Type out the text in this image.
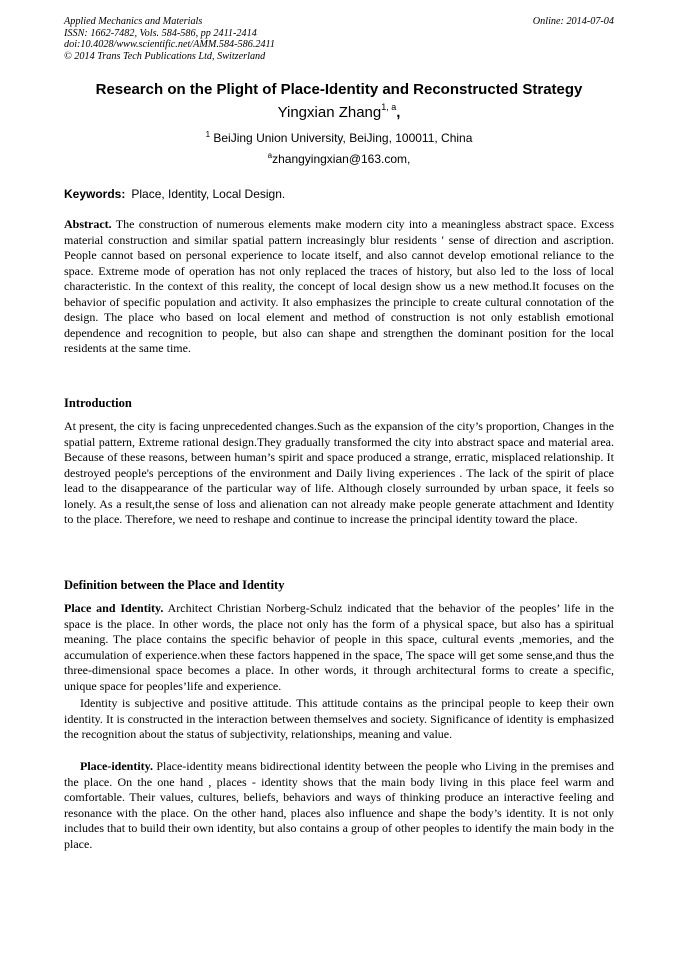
Applied Mechanics and Materials
ISSN: 1662-7482, Vols. 584-586, pp 2411-2414
doi:10.4028/www.scientific.net/AMM.584-586.2411
© 2014 Trans Tech Publications Ltd, Switzerland
Online: 2014-07-04
Research on the Plight of Place-Identity and Reconstructed Strategy
Yingxian Zhang$^{1, a}$,
$^1$ BeiJing Union University, BeiJing, 100011, China
$^a$zhangyingxian@163.com,
Keywords: Place, Identity, Local Design.

Abstract. The construction of numerous elements make modern city into a meaningless abstract space. Excess material construction and similar spatial pattern increasingly blur residents ' sense of direction and ascription. People cannot based on personal experience to locate itself, and also cannot develop emotional reliance to the space. Extreme mode of operation has not only replaced the traces of history, but also led to the loss of local characteristic. In the context of this reality, the concept of local design show us a new method.It focuses on the behavior of specific population and activity. It also emphasizes the principle to create cultural connotation of the design. The place who based on local element and method of construction is not only establish emotional dependence and recognition to people, but also can shape and strengthen the dominant position for the local residents at the same time.

Introduction

At present, the city is facing unprecedented changes.Such as the expansion of the city’s proportion, Changes in the spatial pattern, Extreme rational design.They gradually transformed the city into abstract space and material area. Because of these reasons, between human’s spirit and space produced a strange, erratic, misplaced relationship. It destroyed people's perceptions of the environment and Daily living experiences . The lack of the spirit of place lead to the disappearance of the particular way of life. Although closely surrounded by urban space, it feels so lonely. As a result,the sense of loss and alienation can not already make people generate attachment and Identity to the place. Therefore, we need to reshape and continue to increase the principal identity toward the place.

Definition between the Place and Identity

Place and Identity. Architect Christian Norberg-Schulz indicated that the behavior of the peoples’ life in the space is the place. In other words, the place not only has the form of a physical space, but also has a spiritual meaning. The place contains the specific behavior of people in this space, cultural events ,memories, and the accumulation of experience.when these factors happened in the space, The space will get some sense,and thus the three-dimensional space becomes a place. In other words, it through architectural forms to create a specific, unique space for peoples’life and experience.

Identity is subjective and positive attitude. This attitude contains as the principal people to keep their own identity. It is constructed in the interaction between themselves and society. Significance of identity is emphasized the recognition about the status of subjectivity, relationships, meaning and value.

Place-identity. Place-identity means bidirectional identity between the people who Living in the premises and the place. On the one hand , places - identity shows that the main body living in this place feel warm and comfortable. Their values, cultures, beliefs, behaviors and ways of thinking produce an interactive feeling and resonance with the place. On the other hand, places also influence and shape the body’s identity. It is not only includes that to build their own identity, but also contains a group of other peoples to identify the main body in the place.
